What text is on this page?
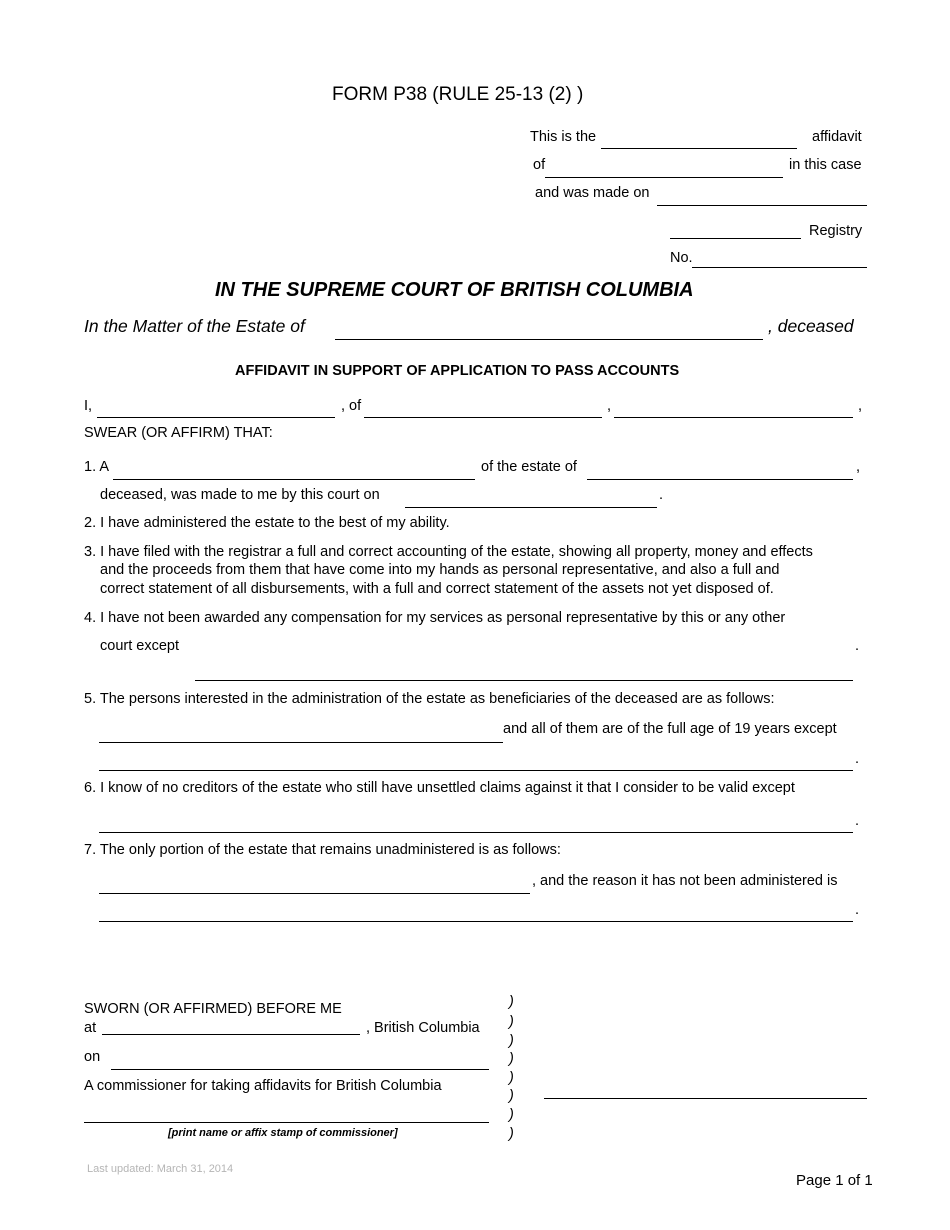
FORM P38 (RULE 25-13 (2) )
This is the	affidavit
of	in this case
and was made on
Registry
No.
IN THE SUPREME COURT OF BRITISH COLUMBIA
In the Matter of the Estate of	, deceased
AFFIDAVIT IN SUPPORT OF APPLICATION TO PASS ACCOUNTS
I,	, of	,	,
SWEAR (OR AFFIRM) THAT:
1. A	of the estate of	,
deceased, was made to me by this court on	.
2. I have administered the estate to the best of my ability.
3. I have filed with the registrar a full and correct accounting of the estate, showing all property, money and effects
and the proceeds from them that have come into my hands as personal representative, and also a full and
correct statement of all disbursements, with a full and correct statement of the assets not yet disposed of.
4. I have not been awarded any compensation for my services as personal representative by this or any other
court except	.
5. The persons interested in the administration of the estate as beneficiaries of the deceased are as follows:
and all of them are of the full age of 19 years except
.
6. I know of no creditors of the estate who still have unsettled claims against it that I consider to be valid except
.
7. The only portion of the estate that remains unadministered is as follows:
, and the reason it has not been administered is
.
SWORN (OR AFFIRMED) BEFORE ME
at	, British Columbia
on
A commissioner for taking affidavits for British Columbia
[print name or affix stamp of commissioner]
)
)
)
)
)
)
)
)
Last updated: March 31, 2014
Page 1 of 1
